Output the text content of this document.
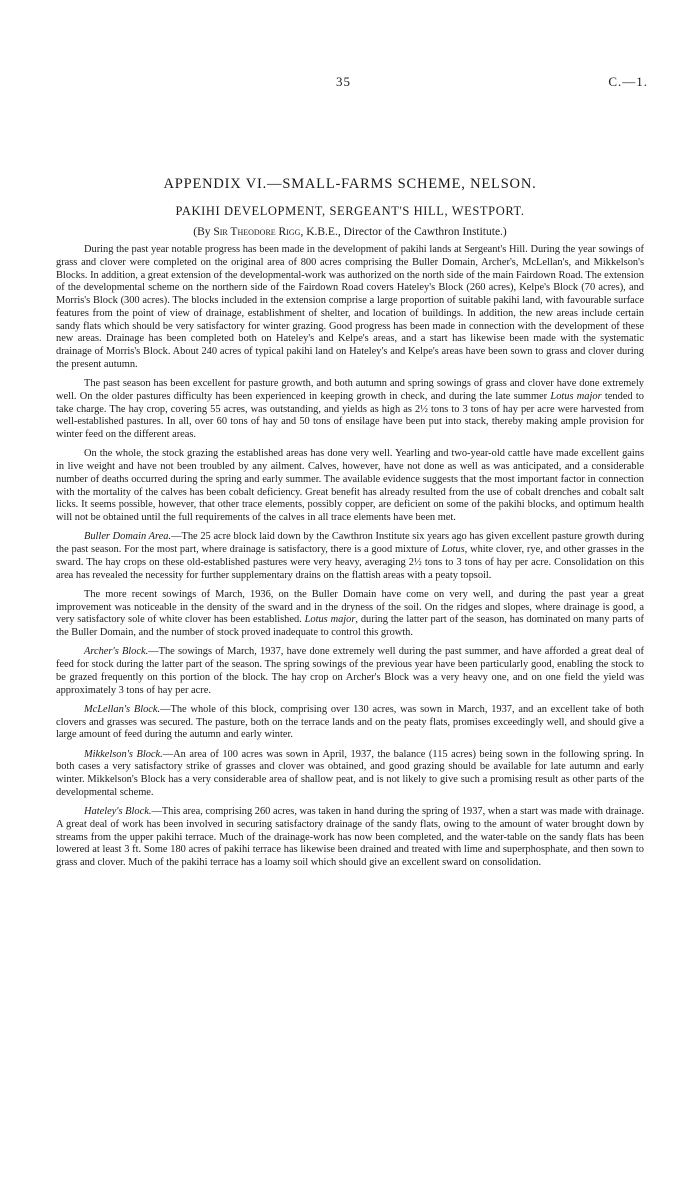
35	C.—1.
APPENDIX VI.—SMALL-FARMS SCHEME, NELSON.
PAKIHI DEVELOPMENT, SERGEANT'S HILL, WESTPORT.

(By Sir Theodore Rigg, K.B.E., Director of the Cawthron Institute.)

During the past year notable progress has been made in the development of pakihi lands at Sergeant's Hill. During the year sowings of grass and clover were completed on the original area of 800 acres comprising the Buller Domain, Archer's, McLellan's, and Mikkelson's Blocks. In addition, a great extension of the developmental-work was authorized on the north side of the main Fairdown Road. The extension of the developmental scheme on the northern side of the Fairdown Road covers Hateley's Block (260 acres), Kelpe's Block (70 acres), and Morris's Block (300 acres). The blocks included in the extension comprise a large proportion of suitable pakihi land, with favourable surface features from the point of view of drainage, establishment of shelter, and location of buildings. In addition, the new areas include certain sandy flats which should be very satisfactory for winter grazing. Good progress has been made in connection with the development of these new areas. Drainage has been completed both on Hateley's and Kelpe's areas, and a start has likewise been made with the systematic drainage of Morris's Block. About 240 acres of typical pakihi land on Hateley's and Kelpe's areas have been sown to grass and clover during the present autumn.

The past season has been excellent for pasture growth, and both autumn and spring sowings of grass and clover have done extremely well. On the older pastures difficulty has been experienced in keeping growth in check, and during the late summer Lotus major tended to take charge. The hay crop, covering 55 acres, was outstanding, and yields as high as 2½ tons to 3 tons of hay per acre were harvested from well-established pastures. In all, over 60 tons of hay and 50 tons of ensilage have been put into stack, thereby making ample provision for winter feed on the different areas.

On the whole, the stock grazing the established areas has done very well. Yearling and two-year-old cattle have made excellent gains in live weight and have not been troubled by any ailment. Calves, however, have not done as well as was anticipated, and a considerable number of deaths occurred during the spring and early summer. The available evidence suggests that the most important factor in connection with the mortality of the calves has been cobalt deficiency. Great benefit has already resulted from the use of cobalt drenches and cobalt salt licks. It seems possible, however, that other trace elements, possibly copper, are deficient on some of the pakihi blocks, and optimum health will not be obtained until the full requirements of the calves in all trace elements have been met.

Buller Domain Area.—The 25 acre block laid down by the Cawthron Institute six years ago has given excellent pasture growth during the past season. For the most part, where drainage is satisfactory, there is a good mixture of Lotus, white clover, rye, and other grasses in the sward. The hay crops on these old-established pastures were very heavy, averaging 2½ tons to 3 tons of hay per acre. Consolidation on this area has revealed the necessity for further supplementary drains on the flattish areas with a peaty topsoil.

The more recent sowings of March, 1936, on the Buller Domain have come on very well, and during the past year a great improvement was noticeable in the density of the sward and in the dryness of the soil. On the ridges and slopes, where drainage is good, a very satisfactory sole of white clover has been established. Lotus major, during the latter part of the season, has dominated on many parts of the Buller Domain, and the number of stock proved inadequate to control this growth.

Archer's Block.—The sowings of March, 1937, have done extremely well during the past summer, and have afforded a great deal of feed for stock during the latter part of the season. The spring sowings of the previous year have been particularly good, enabling the stock to be grazed frequently on this portion of the block. The hay crop on Archer's Block was a very heavy one, and on one field the yield was approximately 3 tons of hay per acre.

McLellan's Block.—The whole of this block, comprising over 130 acres, was sown in March, 1937, and an excellent take of both clovers and grasses was secured. The pasture, both on the terrace lands and on the peaty flats, promises exceedingly well, and should give a large amount of feed during the autumn and early winter.

Mikkelson's Block.—An area of 100 acres was sown in April, 1937, the balance (115 acres) being sown in the following spring. In both cases a very satisfactory strike of grasses and clover was obtained, and good grazing should be available for late autumn and early winter. Mikkelson's Block has a very considerable area of shallow peat, and is not likely to give such a promising result as other parts of the developmental scheme.

Hateley's Block.—This area, comprising 260 acres, was taken in hand during the spring of 1937, when a start was made with drainage. A great deal of work has been involved in securing satisfactory drainage of the sandy flats, owing to the amount of water brought down by streams from the upper pakihi terrace. Much of the drainage-work has now been completed, and the water-table on the sandy flats has been lowered at least 3 ft. Some 180 acres of pakihi terrace has likewise been drained and treated with lime and superphosphate, and then sown to grass and clover. Much of the pakihi terrace has a loamy soil which should give an excellent sward on consolidation.
